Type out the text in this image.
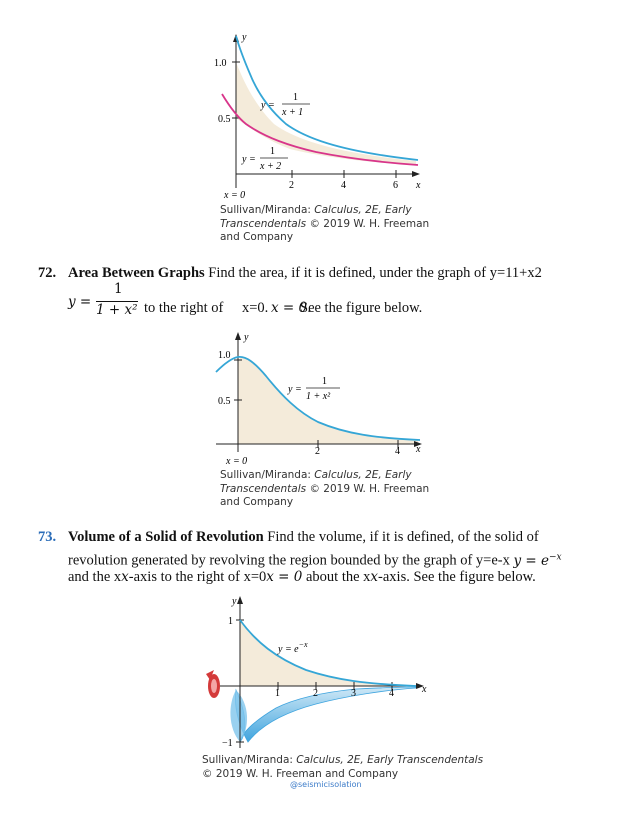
y
x
1.0
0.5
2	4	6
y =
1
x + 1
y =
1
x + 2
x = 0
Sullivan/Miranda: Calculus, 2E, Early
Transcendentals © 2019 W. H. Freeman
and Company
72. Area Between Graphs Find the area, if it is defined, under the graph of y=11+x2
y =
1
1 + x² to the right of x=0. x = 0.
See the figure below.
y
x
1.0
0.5
2	4
y =
1
1 + x²
x = 0
Sullivan/Miranda: Calculus, 2E, Early
Transcendentals © 2019 W. H. Freeman
and Company
73. Volume of a Solid of Revolution Find the volume, if it is defined, of the solid of
revolution generated by revolving the region bounded by the graph of y=e-x $y = e^{-x}$
and the xx-axis to the right of x=0x = 0 about the xx-axis. See the figure below.
y
x
1
−1
1	2	3	4
$y = e^{-x}$
Sullivan/Miranda: Calculus, 2E, Early Transcendentals
© 2019 W. H. Freeman and Company
@seismicisolation
